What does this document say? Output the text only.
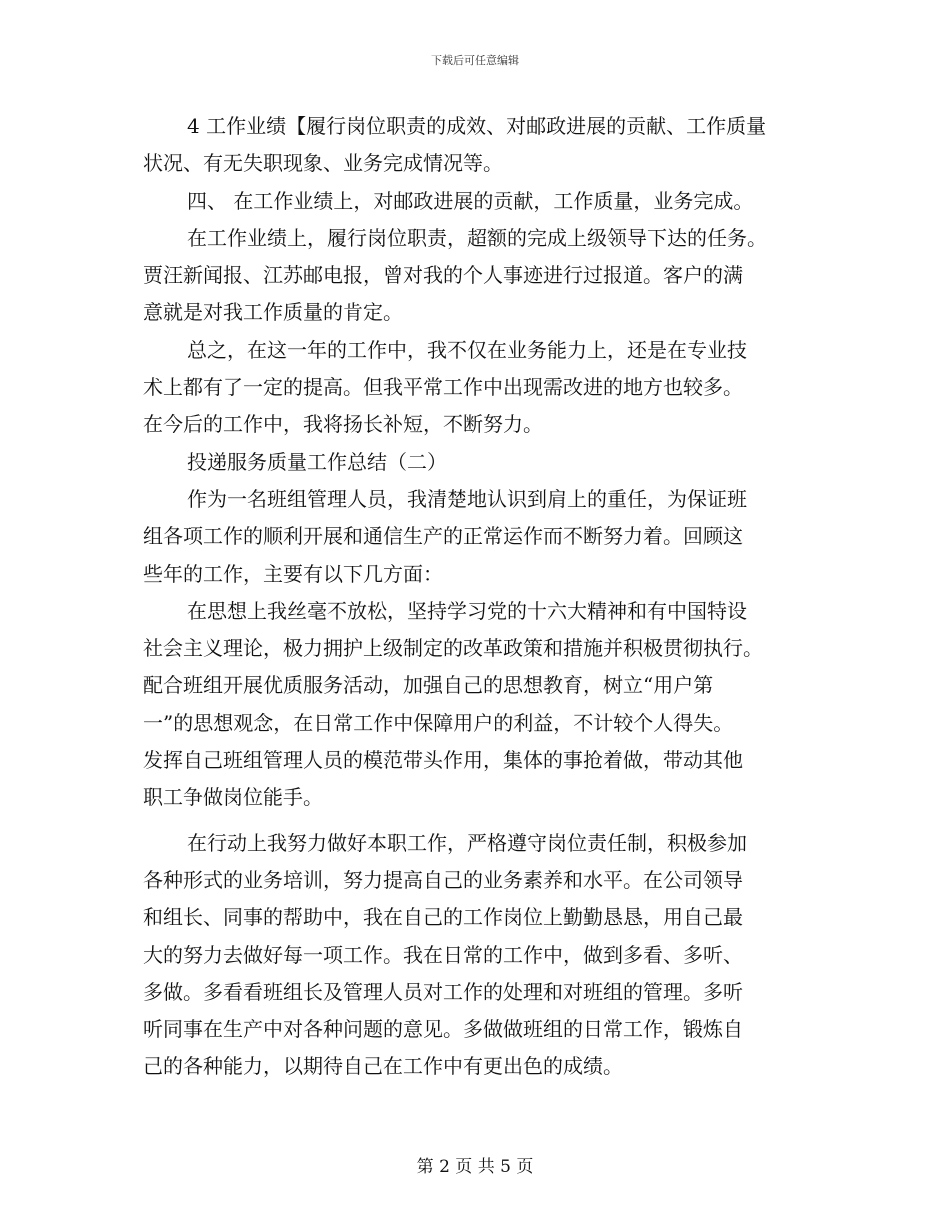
下载后可任意编辑
4 工作业绩【履行岗位职责的成效、对邮政进展的贡献、工作质量
状况、有无失职现象、业务完成情况等。
四、 在工作业绩上，对邮政进展的贡献，工作质量，业务完成。
在工作业绩上，履行岗位职责，超额的完成上级领导下达的任务。
贾汪新闻报、江苏邮电报，曾对我的个人事迹进行过报道。客户的满
意就是对我工作质量的肯定。
总之，在这一年的工作中，我不仅在业务能力上，还是在专业技
术上都有了一定的提高。但我平常工作中出现需改进的地方也较多。
在今后的工作中，我将扬长补短，不断努力。
投递服务质量工作总结（二）
作为一名班组管理人员，我清楚地认识到肩上的重任，为保证班
组各项工作的顺利开展和通信生产的正常运作而不断努力着。回顾这
些年的工作，主要有以下几方面：
在思想上我丝毫不放松，坚持学习党的十六大精神和有中国特设
社会主义理论，极力拥护上级制定的改革政策和措施并积极贯彻执行。
配合班组开展优质服务活动，加强自己的思想教育，树立“用户第
一”的思想观念，在日常工作中保障用户的利益，不计较个人得失。
发挥自己班组管理人员的模范带头作用，集体的事抢着做，带动其他
职工争做岗位能手。
在行动上我努力做好本职工作，严格遵守岗位责任制，积极参加
各种形式的业务培训，努力提高自己的业务素养和水平。在公司领导
和组长、同事的帮助中，我在自己的工作岗位上勤勤恳恳，用自己最
大的努力去做好每一项工作。我在日常的工作中，做到多看、多听、
多做。多看看班组长及管理人员对工作的处理和对班组的管理。多听
听同事在生产中对各种问题的意见。多做做班组的日常工作，锻炼自
己的各种能力，以期待自己在工作中有更出色的成绩。
第 2 页 共 5 页
